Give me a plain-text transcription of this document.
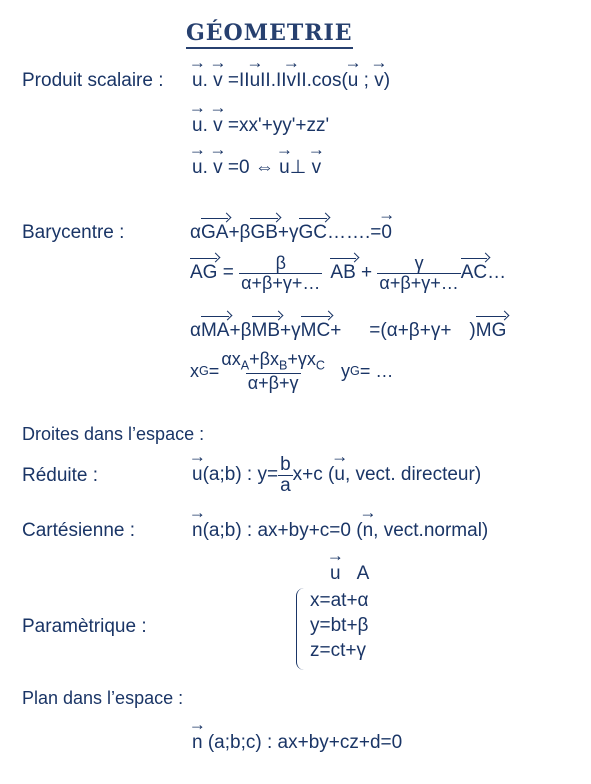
GÉOMETRIE
Produit scalaire : → u. → v =II→ uII.II→ vII.cos(→ u ; → v)
→ u. → v =xx'+yy'+zz'
→ u. → v =0 ⇔ → u⊥ → v
Barycentre :	αGA+βGB+γGC…….=→ 0
AG = $\frac{\beta}{\alpha+\beta+\gamma+\dots}$ AB + $\frac{\gamma}{\alpha+\beta+\gamma+\dots}$ AC …
αMA+βMB+γMC+ =(α+β+γ+ )MG
x $G = \frac{\alpha x_A+\beta x_B+\gamma x_C}{\alpha+\beta+\gamma}$ y G = …
Droites dans l’espace :
Réduite :	→ u (a;b) : $y= \frac{b}{a} x+c$ ( → u , vect. directeur)
Cartésienne :	→ n(a;b) : ax+by+c=0 (→ n, vect.normal)
→ u A
Paramètrique :
x=at+α
y=bt+β
z=ct+γ
Plan dans l’espace :
→ n (a;b;c) : ax+by+cz+d=0
